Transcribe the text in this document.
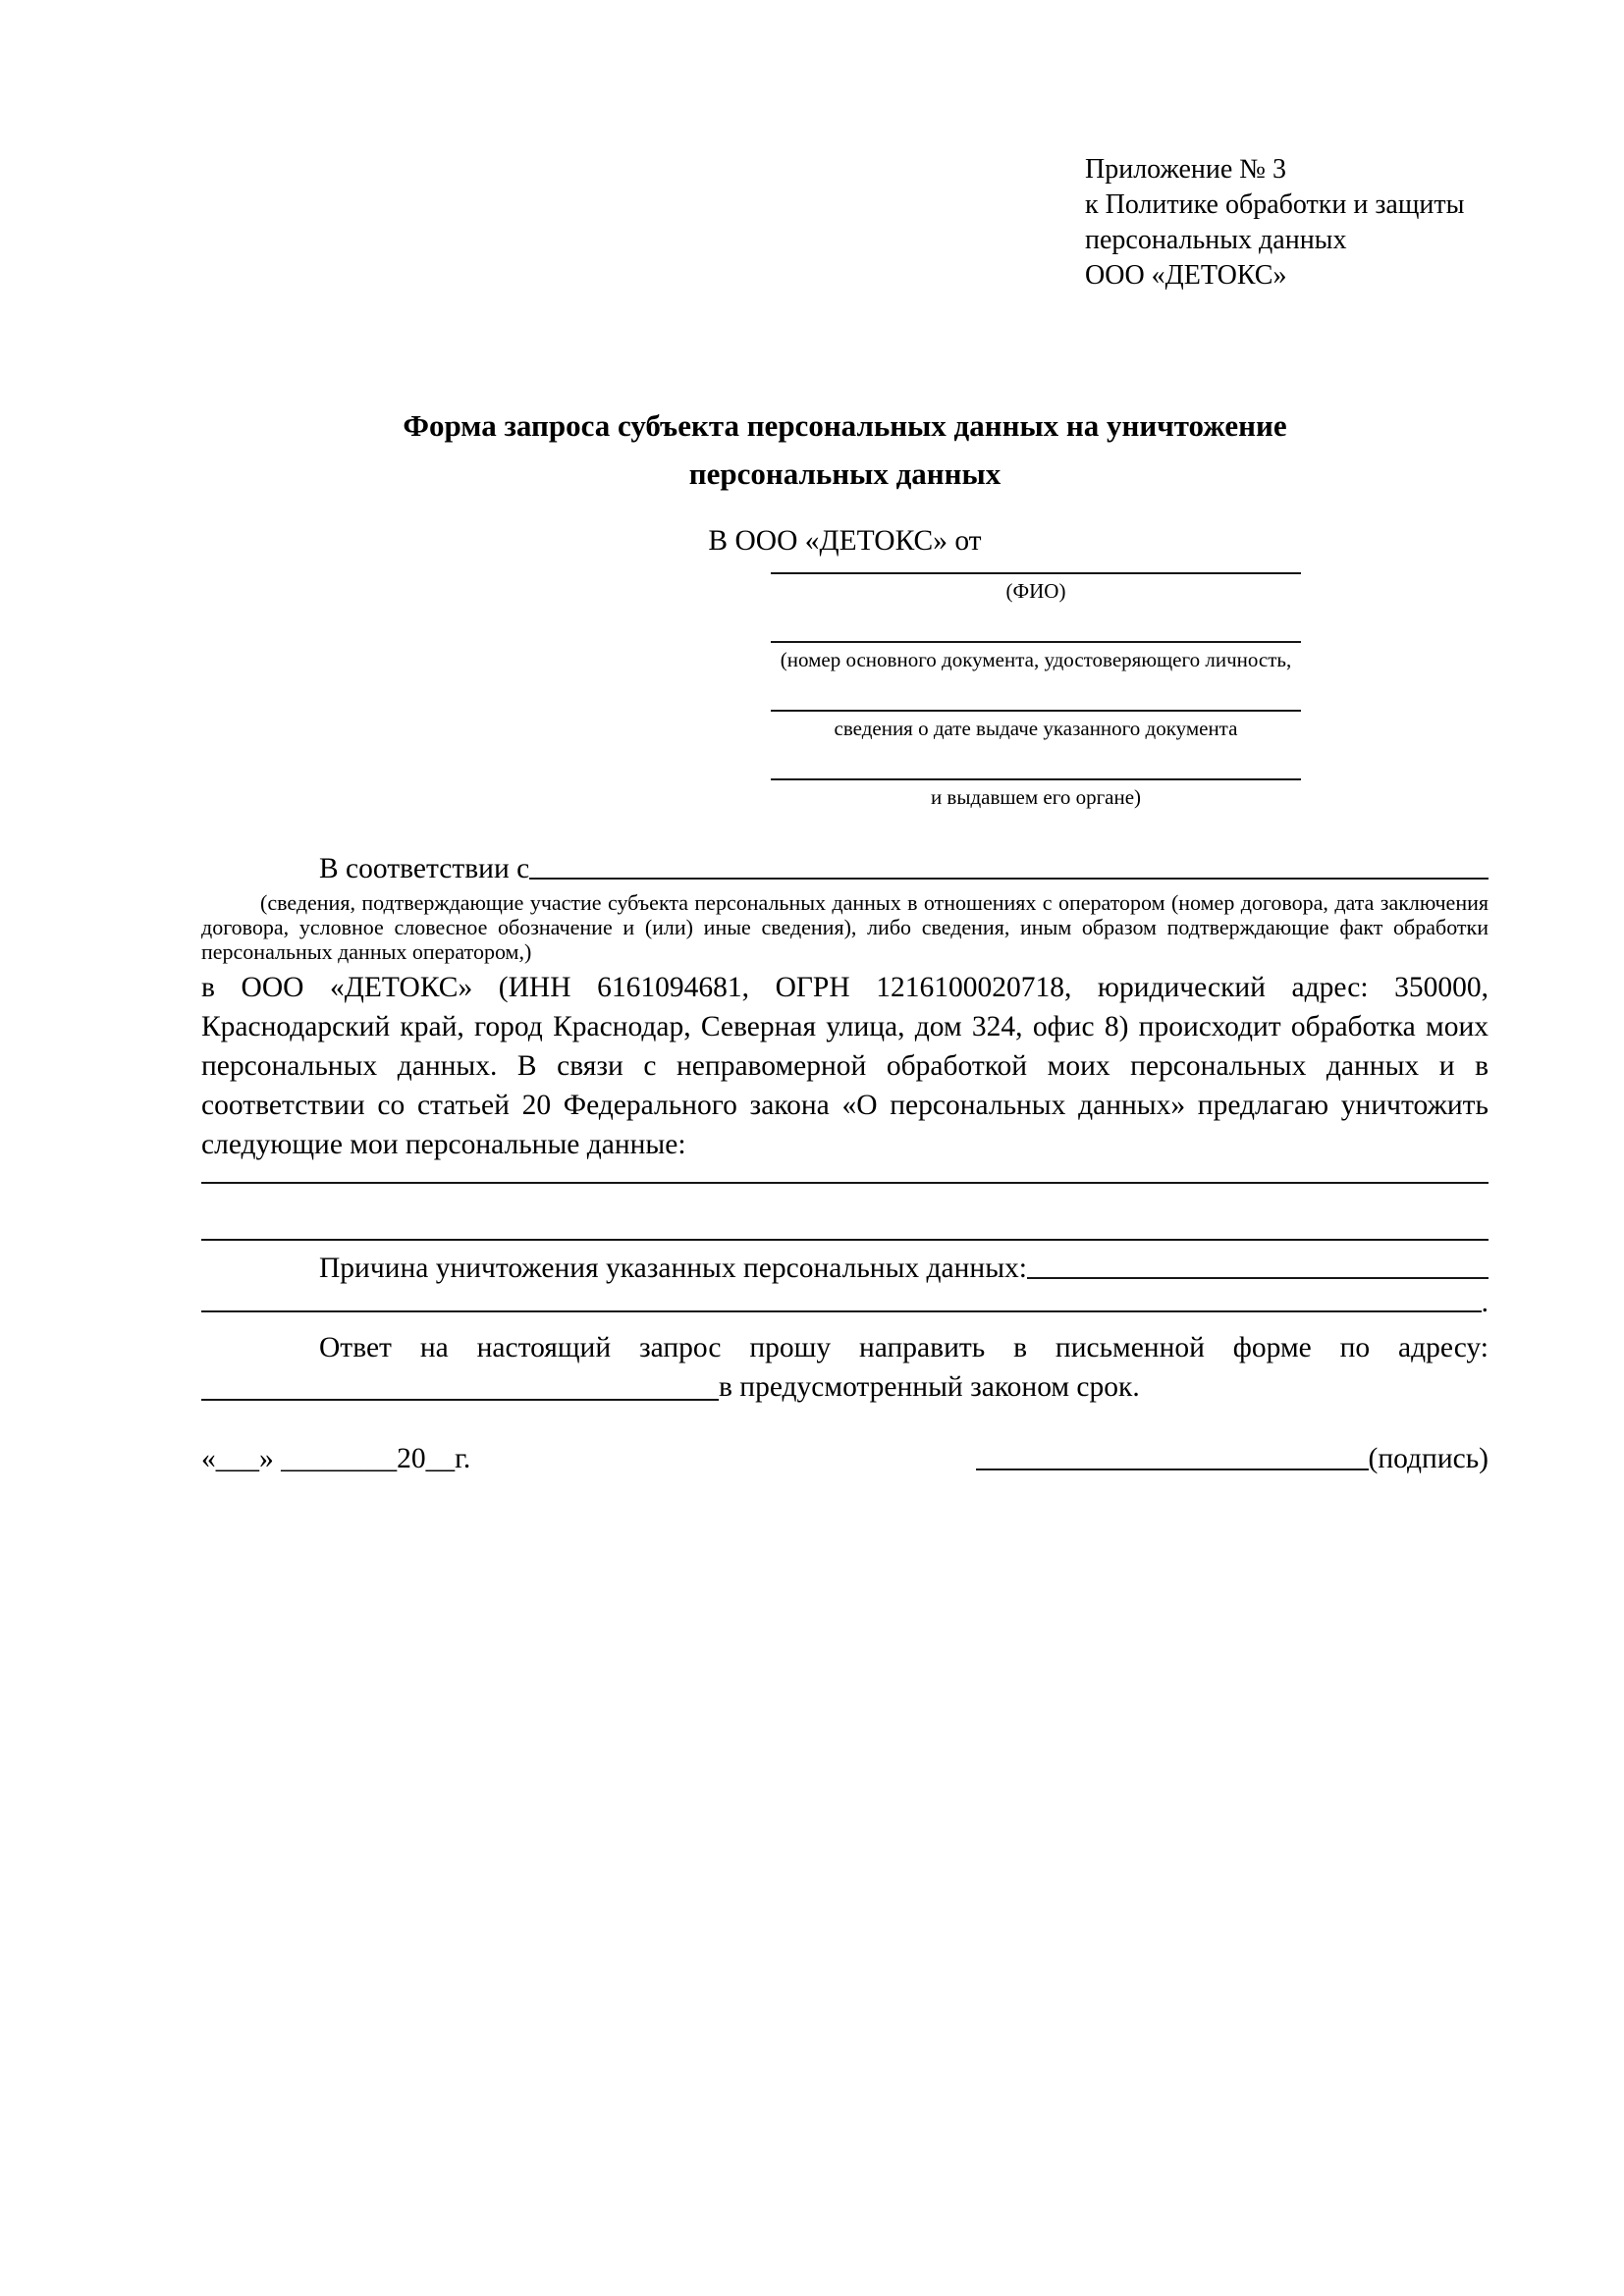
Приложение № 3
к Политике обработки и защиты
персональных данных
ООО «ДЕТОКС»
Форма запроса субъекта персональных данных на уничтожение персональных данных
В ООО «ДЕТОКС» от
(ФИО)
(номер основного документа, удостоверяющего личность,
сведения о дате выдаче указанного документа
и выдавшем его органе)
В соответствии с

(сведения, подтверждающие участие субъекта персональных данных в отношениях с оператором (номер договора, дата заключения договора, условное словесное обозначение и (или) иные сведения), либо сведения, иным образом подтверждающие факт обработки персональных данных оператором,)

в ООО «ДЕТОКС» (ИНН 6161094681, ОГРН 1216100020718, юридический адрес: 350000, Краснодарский край, город Краснодар, Северная улица, дом 324, офис 8) происходит обработка моих персональных данных. В связи с неправомерной обработкой моих персональных данных и в соответствии со статьей 20 Федерального закона «О персональных данных» предлагаю уничтожить следующие мои персональные данные:

Причина уничтожения указанных персональных данных:
.

Ответ на настоящий запрос прошу направить в письменной форме по адресу:

в предусмотренный законом срок.
«___» ________20__г.	(подпись)
